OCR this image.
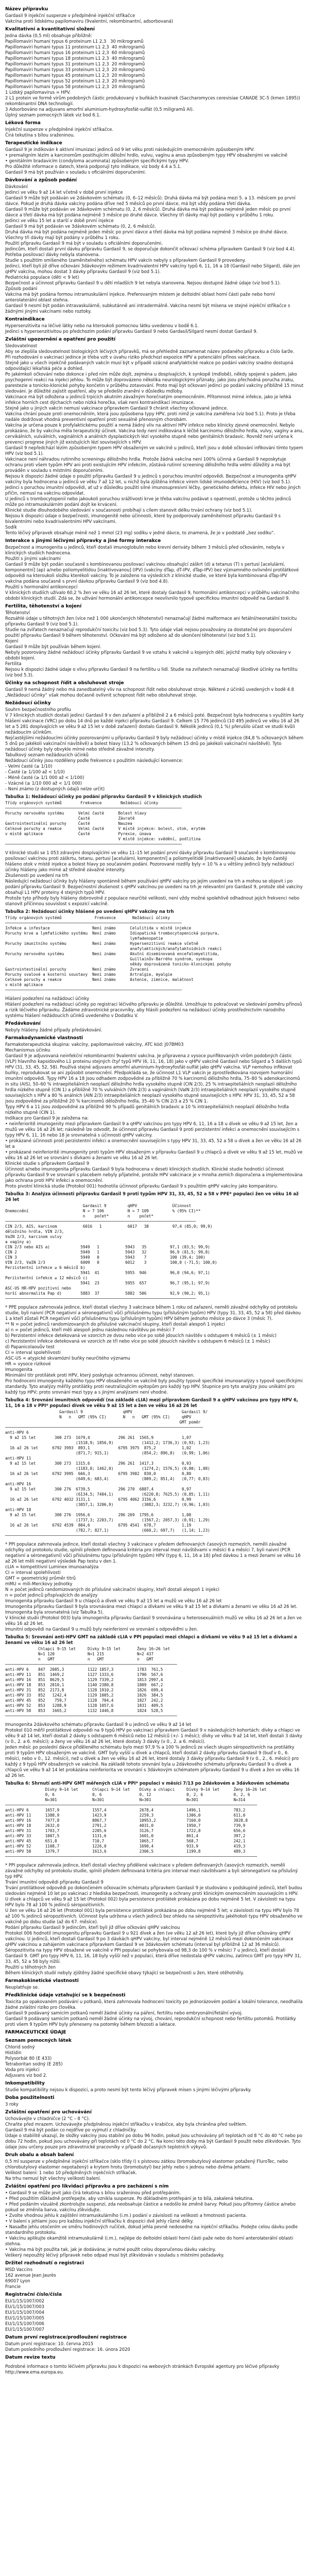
Název přípravku

Gardasil 9 injekční suspenze v předplněné injekční stříkačce

Vakcína proti lidskému papilomaviru (9valentní, rekombinantní, adsorbovaná)

Kvalitativní a kvantitativní složení

Jedna dávka (0,5 ml) obsahuje přibližně:

Papillomaviri humani typus 6 proteinum L1 2,3   30 mikrogramů

Papillomaviri humani typus 11 proteinum L1 2,3  40 mikrogramů

Papillomaviri humani typus 16 proteinum L1 2,3  60 mikrogramů

Papillomaviri humani typus 18 proteinum L1 2,3  40 mikrogramů

Papillomaviri humani typus 31 proteinum L1 2,3  20 mikrogramů

Papillomaviri humani typus 33 proteinum L1 2,3  20 mikrogramů

Papillomaviri humani typus 45 proteinum L1 2,3  20 mikrogramů

Papillomaviri humani typus 52 proteinum L1 2,3  20 mikrogramů

Papillomaviri humani typus 58 proteinum L1 2,3  20 mikrogramů

1 Lidský papilomavirus = HPV.

2 L1 protein ve formě virům podobných částic produkovaný v buňkách kvasinek (Saccharomyces cerevisiae CANADE 3C-5 (kmen 1895)) rekombinantní DNA technologií.

3 Adsorbováno na adjuvans amorfní aluminium-hydroxyfosfát-sulfát (0,5 miligramů Al).

Úplný seznam pomocných látek viz bod 6.1.

Léková forma

Injekční suspenze v předplněné injekční stříkačce.

Čirá tekutina s bílou sraženinou.

Terapeutické indikace

Gardasil 9 je indikován k aktivní imunizaci jedinců od 9 let věku proti následujícím onemocněním způsobeným HPV:

• premaligním lézím a karcinomům postihujícím děložní hrdlo, vulvu, vagínu a anus způsobeným typy HPV obsaženými ve vakcíně

• genitálním bradavicím (condyloma acuminata) způsobeným specifickými typy HPV.

Pro důležité informace o datech, která podporují tyto indikace, viz body 4.4 a 5.1.

Gardasil 9 má být používán v souladu s oficiálními doporučeními.

Dávkování a způsob podání

Dávkování

Jedinci ve věku 9 až 14 let včetně v době první injekce

Gardasil 9 může být podáván ve 2dávkovém schématu (0, 6–12 měsíců). Druhá dávka má být podána mezi 5. a 13. měsícem po první dávce. Pokud je druhá dávka vakcíny podána dříve než 5 měsíců po první dávce, má být vždy podána třetí dávka.

Gardasil 9 může být podáván ve 3dávkovém schématu (0, 2, 6 měsíců). Druhá dávka má být podána nejméně jeden měsíc po první dávce a třetí dávka má být podána nejméně 3 měsíce po druhé dávce. Všechny tři dávky mají být podány v průběhu 1 roku.

Jedinci ve věku 15 let a starší v době první injekce

Gardasil 9 má být podáván ve 3dávkovém schématu (0, 2, 6 měsíců).

Druhá dávka má být podána nejméně jeden měsíc po první dávce a třetí dávka má být podána nejméně 3 měsíce po druhé dávce. Všechny tři dávky mají být podány v průběhu 1 roku.

Použití přípravku Gardasil 9 má být v souladu s oficiálními doporučeními.

Jedincům, kteří dostali první dávku přípravku Gardasil 9, se doporučuje dokončit očkovací schéma přípravkem Gardasil 9 (viz bod 4.4).

Potřeba posilovací dávky nebyla stanovena.

Studie s použitím smíšeného (zaměnitelného) schématu HPV vakcín nebyly s přípravkem Gardasil 9 provedeny.

Jedinci, kteří byli již dříve očkováni 3dávkovým režimem kvadrivalentní HPV vakcíny typů 6, 11, 16 a 18 (Gardasil nebo Silgard), dále jen qHPV vakcína, mohou dostat 3 dávky přípravku Gardasil 9 (viz bod 5.1).

Pediatrická populace (děti < 9 let)

Bezpečnost a účinnost přípravku Gardasil 9 u dětí mladších 9 let nebyla stanovena. Nejsou dostupné žádné údaje (viz bod 5.1).

Způsob podání

Vakcína má být podána formou intramuskulární injekce. Preferovaným místem je deltoidní oblast horní části paže nebo horní anterolaterální oblast stehna.

Gardasil 9 nesmí být podán intravaskulárně, subkutánně ani intradermálně. Vakcína nesmí být mísena ve stejné injekční stříkačce s žádnými jinými vakcínami nebo roztoky.

Kontraindikace

Hypersenzitivita na léčivé látky nebo na kteroukoli pomocnou látku uvedenou v bodě 6.1.

Jedinci s hypersenzitivitou po předchozím podání přípravku Gardasil 9 nebo Gardasil/Silgard nesmí dostat Gardasil 9.

Zvláštní upozornění a opatření pro použití

Sledovatelnost

Aby se zlepšila sledovatelnost biologických léčivých přípravků, má se přehledně zaznamenat název podaného přípravku a číslo šarže.

Při rozhodování o vakcinaci jedince je třeba vzít v úvahu riziko předchozí expozice HPV a potenciální přínos vakcinace.

Stejně jako u všech injekčně podávaných vakcín musí být v případě vzácné anafylaktické reakce po podání vakcíny snadno dostupná odpovídající lékařská péče a dohled.

Po jakémkoli očkování nebo dokonce i před ním může dojít, zejména u dospívajících, k synkopě (mdlobě), někdy spojené s pádem, jako psychogenní reakci na injekci jehlou. To může být doprovázeno několika neurologickými příznaky, jako jsou přechodná porucha zraku, parestezie a tonicko-klonické pohyby končetin v průběhu zotavování. Proto mají být očkovaní jedinci po podání vakcíny přibližně 15 minut sledováni. Je důležité zajistit opatření, aby se předešlo zranění v důsledku mdloby.

Vakcinace má být odložena u jedinců trpících akutním závažným horečnatým onemocněním. Přítomnost mírné infekce, jako je lehká infekce horních cest dýchacích nebo nízká horečka, však není kontraindikací imunizace.

Stejně jako u jiných vakcín nemusí vakcinace přípravkem Gardasil 9 chránit všechny očkované jedince.

Vakcína chrání pouze proti onemocněním, která jsou způsobena typy HPV, proti nimž je vakcína zaměřena (viz bod 5.1). Proto je třeba nadále dodržovat vhodná preventivní opatření proti sexuálně přenosným chorobám.

Vakcína je určena pouze k profylaktickému použití a nemá žádný vliv na aktivní HPV infekce nebo klinicky zjevné onemocnění. Nebylo prokázáno, že by vakcína měla terapeutický účinek. Vakcína tedy není indikována k léčbě karcinomu děložního hrdla, vulvy, vagíny a anu, cervikálních, vulválních, vaginálních a análních dysplastických lézí vysokého stupně nebo genitálních bradavic. Rovněž není určena k prevenci progrese jiných již existujících lézí souvisejících s HPV.

Gardasil 9 nepředchází lézím způsobeným typem HPV obsaženým ve vakcíně u jedinců, kteří jsou v době očkování infikováni tímto typem HPV (viz bod 5.1).

Vakcinace není náhradou rutinního screeningu děložního hrdla. Protože žádná vakcína není 100% účinná a Gardasil 9 neposkytuje ochranu proti všem typům HPV ani proti existujícím HPV infekcím, zůstává rutinní screening děložního hrdla velmi důležitý a má být prováděn v souladu s místními doporučeními.

Nejsou k dispozici žádné údaje o použití přípravku Gardasil 9 u jedinců s poruchou imunitní odpovědi. Bezpečnost a imunogenita qHPV vakcíny byla hodnocena u jedinců ve věku 7 až 12 let, u nichž byla zjištěna infekce virem lidské imunodeficience (HIV) (viz bod 5.1).

Jedinci s poruchou imunitní odpovědi, ať už v důsledku použití silné imunosupresivní léčby, genetického defektu, infekce HIV nebo jiných příčin, nemusí na vakcínu odpovídat.

U jedinců s trombocytopenií nebo jakoukoli poruchou srážlivosti krve je třeba vakcínu podávat s opatrností, protože u těchto jedinců může po intramuskulárním podání dojít ke krvácení.

Klinické studie dlouhodobého sledování v současnosti probíhají s cílem stanovit délku trvání ochrany (viz bod 5.1).

Nejsou k dispozici údaje o bezpečnosti, imunogenitě nebo účinnosti, které by podporovaly zaměnitelnost přípravku Gardasil 9 s bivalentními nebo kvadrivalentními HPV vakcínami.

Sodík

Tento léčivý přípravek obsahuje méně než 1 mmol (23 mg) sodíku v jedné dávce, to znamená, že je v podstatě „bez sodíku“.

Interakce s jinými léčivými přípravky a jiné formy interakce

Bezpečnost a imunogenita u jedinců, kteří dostali imunoglobulin nebo krevní deriváty během 3 měsíců před očkováním, nebyla v klinických studiích hodnocena.

Použití s jinými vakcínami

Gardasil 9 může být podán současně s kombinovanou posilovací vakcínou obsahující záškrt (d) a tetanus (T) s pertusí [acelulární, komponentní] (ap) a/nebo poliomyelitidou [inaktivovanou] (IPV) (vakcíny dTap, dT-IPV, dTap-IPV) bez významného ovlivnění protilátkové odpovědi na kteroukoli složku kterékoli vakcíny. To je založeno na výsledcích z klinické studie, ve které byla kombinovaná dTap-IPV vakcína podána současně s první dávkou přípravku Gardasil 9 (viz bod 4.8).

Použití s hormonální antikoncepcí

V klinických studiích užívalo 60,2 % žen ve věku 16 až 26 let, které dostaly Gardasil 9, hormonální antikoncepci v průběhu vakcinačního období klinických studií. Zdá se, že užívání hormonální antikoncepce neovlivnilo typově specifickou imunitní odpověď na Gardasil 9.

Fertilita, těhotenství a kojení

Těhotenství

Rozsáhlé údaje u těhotných žen (více než 1 000 ukončených těhotenství) nenaznačují žádné malformace ani fetální/neonatální toxicitu přípravku Gardasil 9 (viz bod 5.1).

Studie na zvířatech nenaznačují reprodukční toxicitu (viz bod 5.3). Tyto údaje však nejsou považovány za dostatečné pro doporučení použití přípravku Gardasil 9 během těhotenství. Očkování má být odloženo až do ukončení těhotenství (viz bod 5.1).

Kojení

Gardasil 9 může být používán během kojení.

Nebyly pozorovány žádné nežádoucí účinky přípravku Gardasil 9 ve vztahu k vakcíně u kojených dětí, jejichž matky byly očkovány v období kojení.

Fertilita

Nejsou k dispozici žádné údaje o vlivu přípravku Gardasil 9 na fertilitu u lidí. Studie na zvířatech nenaznačují škodlivé účinky na fertilitu (viz bod 5.3).

Účinky na schopnost řídit a obsluhovat stroje

Gardasil 9 nemá žádný nebo má zanedbatelný vliv na schopnost řídit nebo obsluhovat stroje. Některé z účinků uvedených v bodě 4.8 „Nežádoucí účinky“ však mohou dočasně ovlivnit schopnost řídit nebo obsluhovat stroje.

Nežádoucí účinky

Souhrn bezpečnostního profilu

V 7 klinických studiích dostali jedinci Gardasil 9 v den zařazení a přibližně 2 a 6 měsíců poté. Bezpečnost byla hodnocena s využitím karty hlášení vakcinace (VRC) po dobu 14 dnů po každé injekci přípravku Gardasil 9. Celkem 15 776 jedinců (10 495 jedinců ve věku 16 až 26 let a 5 281 dospívajících ve věku 9 až 15 let v době zařazení) dostalo Gardasil 9. Několik jedinců (0,1 %) přerušilo účast ve studii kvůli nežádoucím účinkům.

Nejčastějšími nežádoucími účinky pozorovanými u přípravku Gardasil 9 byly nežádoucí účinky v místě injekce (84,8 % očkovaných během 5 dnů po jakékoli vakcinační návštěvě) a bolest hlavy (13,2 % očkovaných během 15 dnů po jakékoli vakcinační návštěvě). Tyto nežádoucí účinky byly obvykle mírné nebo středně závažné intenzity.

Tabulkový seznam nežádoucích účinků

Nežádoucí účinky jsou rozděleny podle frekvence s použitím následující konvence:

- Velmi časté (≥ 1/10)

- Časté (≥ 1/100 až < 1/10)

- Méně časté (≥ 1/1 000 až < 1/100)

- Vzácné (≥ 1/10 000 až < 1/1 000)

- Není známo (z dostupných údajů nelze určit)

Tabulka 1: Nežádoucí účinky po podání přípravku Gardasil 9 v klinických studiích
Třídy orgánových systémů        Frekvence        Nežádoucí účinky
───────────────────────────────────────────────────────────────────────────
Poruchy nervového systému      Velmi časté      Bolest hlavy
Časté            Závratě
Gastrointestinální poruchy     Časté            Nauzea
Celkové poruchy a reakce       Velmi časté      V místě injekce: bolest, otok, erytém
v místě aplikace               Časté            Pyrexie, únava
V místě injekce: svědění, podlitina
───────────────────────────────────────────────────────────────────────────

V klinické studii se 1 053 zdravými dospívajícími ve věku 11–15 let podání první dávky přípravku Gardasil 9 současně s kombinovanou posilovací vakcínou proti záškrtu, tetanu, pertusi [acelulární, komponentní] a poliomyelitidě [inaktivované] ukázalo, že bylo častěji hlášeno otok v místě injekce a bolest hlavy po současném podání. Pozorované rozdíly byly < 10 % a u většiny jedinců byly nežádoucí účinky hlášeny jako mírné až středně závažné intenzity.

Zkušenosti po uvedení na trh

Následující nežádoucí účinky byly hlášeny spontánně během používání qHPV vakcíny po jejím uvedení na trh a mohou se objevit i po podání přípravku Gardasil 9. Bezpečnostní zkušenost s qHPV vakcínou po uvedení na trh je relevantní pro Gardasil 9, protože obě vakcíny obsahují L1 HPV proteiny 4 stejných typů HPV.

Protože tyto příhody byly hlášeny dobrovolně z populace neurčité velikosti, není vždy možné spolehlivě odhadnout jejich frekvenci nebo stanovit příčinnou souvislost s expozicí vakcíně.

Tabulka 2: Nežádoucí účinky hlášené po uvedení qHPV vakcíny na trh
Třídy orgánových systémů              Frekvence       Nežádoucí účinky
───────────────────────────────────────────────────────────────────────────
Infekce a infestace                  Není známo      Celulitida v místě injekce
Poruchy krve a lymfatického systému  Není známo      Idiopatická trombocytopenická purpura,
lymfadenopatie
Poruchy imunitního systému           Není známo      Hypersenzitivní reakce včetně
anafylaktických/anafylaktoidních reakcí
Poruchy nervového systému            Není známo      Akutní diseminovaná encefalomyelitida,
Guillainův-Barrého syndrom, synkopa
někdy doprovázená tonicko-klonickými pohyby
Gastrointestinální poruchy           Není známo      Zvracení
Poruchy svalové a kosterní soustavy  Není známo      Artralgie, myalgie
Celkové poruchy a reakce             Není známo      Astenie, zimnice, malátnost
v místě aplikace
───────────────────────────────────────────────────────────────────────────

Hlášení podezření na nežádoucí účinky

Hlášení podezření na nežádoucí účinky po registraci léčivého přípravku je důležité. Umožňuje to pokračovat ve sledování poměru přínosů a rizik léčivého přípravku. Žádáme zdravotnické pracovníky, aby hlásili podezření na nežádoucí účinky prostřednictvím národního systému hlášení nežádoucích účinků uvedeného v Dodatku V.

Předávkování

Nebyly hlášeny žádné případy předávkování.

Farmakodynamické vlastnosti

Farmakoterapeutická skupina: vakcíny, papilomavirové vakcíny, ATC kód: J07BM03

Mechanismus účinku

Gardasil 9 je adjuvovaná neinfekční rekombinantní 9valentní vakcína. Je připravena z vysoce purifikovaných virům podobných částic (VLP) hlavního kapsidového L1 proteinu stejných čtyř typů HPV (6, 11, 16, 18) jako v qHPV vakcíně Gardasil nebo Silgard a 5 dalších typů HPV (31, 33, 45, 52, 58). Používá stejné adjuvans amorfní aluminium-hydroxyfosfát-sulfát jako qHPV vakcína. VLP nemohou infikovat buňky, reprodukovat se ani způsobit onemocnění. Předpokládá se, že účinnost L1 VLP vakcín je zprostředkována rozvojem humorální imunitní odpovědi. Typy HPV 16 a 18 jsou odhadem zodpovědné za přibližně 70 % karcinomů děložního hrdla, 75–80 % adenokarcinomů in situ (AIS), 50–60 % intraepiteliálních neoplazií děložního hrdla vysokého stupně (CIN 2/3), 25 % intraepiteliálních neoplazií děložního hrdla nízkého stupně (CIN 1) a přibližně 70 % vulválních (VIN 2/3) a vaginálních (VaIN 2/3) intraepiteliálních neoplazií vysokého stupně souvisejících s HPV a 80 % análních (AIN 2/3) intraepiteliálních neoplazií vysokého stupně souvisejících s HPV. HPV 31, 33, 45, 52 a 58 jsou zodpovědné za přibližně 20 % karcinomů děložního hrdla, 35–40 % CIN 2/3 a 25 % CIN 1.

Typy HPV 6 a 11 jsou zodpovědné za přibližně 90 % případů genitálních bradavic a 10 % intraepiteliálních neoplazií děložního hrdla nízkého stupně (CIN 1).

Indikace pro Gardasil 9 je založena na:

• neinferioritě imunogenity mezi přípravkem Gardasil 9 a qHPV vakcínou pro typy HPV 6, 11, 16 a 18 u dívek ve věku 9 až 15 let, žen a mužů ve věku 16 až 26 let; následně lze odvodit, že účinnost přípravku Gardasil 9 proti perzistentní infekci a onemocnění souvisejícím s typy HPV 6, 11, 16 nebo 18 je srovnatelná s účinností qHPV vakcíny.

• prokázané účinnosti proti perzistentní infekci a onemocnění souvisejícím s typy HPV 31, 33, 45, 52 a 58 u dívek a žen ve věku 16 až 26 let a

• prokázané neinferioritě imunogenity proti typům HPV obsaženým v přípravku Gardasil 9 u chlapců a dívek ve věku 9 až 15 let, mužů ve věku 16 až 26 let ve srovnání s dívkami a ženami ve věku 16 až 26 let.

Klinické studie s přípravkem Gardasil 9

Účinnost a/nebo imunogenita přípravku Gardasil 9 byla hodnocena v deseti klinických studiích. Klinické studie hodnotící účinnost přípravku Gardasil 9 ve srovnání s placebem nebyly přijatelné, protože HPV vakcinace je v mnoha zemích doporučena a implementována jako ochrana proti HPV infekci a onemocnění.

Proto pivotní klinická studie (Protokol 001) hodnotila účinnost přípravku Gardasil 9 s použitím qHPV vakcíny jako komparátoru.

Tabulka 3: Analýza účinnosti přípravku Gardasil 9 proti typům HPV 31, 33, 45, 52 a 58 v PPE* populaci žen ve věku 16 až 26 let
Gardasil 9         qHPV               Účinnost
Onemocnění                       N = 7 106          N = 7 109          % (95% CI)**
n    počet*        n    počet*
─────────────────────────────────────────────────────────────────────────────────
CIN 2/3, AIS, karcinom           6016   1           6017   38          97,4 (85,0; 99,9)
děložního hrdla, VIN 2/3,
VaIN 2/3, karcinom vulvy
a vagíny a)
CIN 2/3 nebo AIS a)             5949   1           5943   35          97,1 (83,5; 99,9)
CIN 2                           5949   1           5943   32          96,9 (81,5; 99,8)
CIN 3                           5949   0           5943    7          100 (39,4; 100)
VIN 2/3, VaIN 2/3               6009   0           6012    3          100,0 (-71,5; 100,0)
Perzistentní infekce ≥ 6 měsíců b)
5941  41           5955  946          96,0 (94,6; 97,1)
Perzistentní infekce ≥ 12 měsíců c)
5941  23           5955  657          96,7 (95,1; 97,9)
ASC-US HR-HPV pozitivní nebo
horší abnormalita Pap d)        5883  37           5882  506          92,9 (90,2; 95,1)
─────────────────────────────────────────────────────────────────────────────────

* PPE populace zahrnovala jedince, kteří dostali všechny 3 vakcinace během 1 roku od zařazení, neměli závažné odchylky od protokolu studie, byli naivní (PCR negativní a séronegativní) vůči příslušnému typu (příslušným typům) HPV (typy 31, 33, 45, 52 a 58) před dávkou 1 a kteří zůstali PCR negativní vůči příslušnému typu (příslušným typům) HPV během jednoho měsíce po dávce 3 (měsíc 7).

** N = počet jedinců randomizovaných do příslušné vakcinační skupiny, kteří dostali alespoň 1 injekci

a) n = počet jedinců, kteří měli alespoň jednu následnou návštěvu po měsíci 7

b) Perzistentní infekce detekovaná ve vzorcích ze dvou nebo více po sobě jdoucích návštěv s odstupem 6 měsíců (± 1 měsíc)

c) Perzistentní infekce detekovaná ve vzorcích ze tří nebo více po sobě jdoucích návštěv s odstupem 6 měsíců (± 1 měsíc)

d) Papanicolaouův test

CI = interval spolehlivosti

ASC-US = atypické skvamózní buňky neurčitého významu

HR = vysoce rizikové

Imunogenita

Minimální titr protilátek proti HPV, který poskytuje ochrannou účinnost, nebyl stanoven.

Pro hodnocení imunogenity každého typu HPV obsaženého ve vakcíně byly použity typově specifické imunoanalýzy s typově specifickými standardy. Tyto analýzy měřily protilátky proti neutralizujícím epitopům pro každý typ HPV. Stupnice pro tyto analýzy jsou unikátní pro každý typ HPV; proto srovnání mezi typy a s jinými analýzami není vhodné.

Tabulka 4: Srovnání imunitních odpovědí (na základě cLIA) mezi přípravkem Gardasil 9 a qHPV vakcínou pro typy HPV 6, 11, 16 a 18 v PPI* populaci dívek ve věku 9 až 15 let a žen ve věku 16 až 26 let
Gardasil 9                 qHPV                     Gardasil 9/
N   n   GMT (95% CI)       N   n   GMT (95% CI)     qHPV
GMT poměr
────────────────────────────────────────────────────────────────────────────────────
anti-HPV 6
9 až 15 let        300 273  1679,4            296 261  1565,9            1,07
(1518,9; 1856,9)            (1412,2; 1736,3) (0,93; 1,23)
16 až 26 let      6792 3993  893,1            6795 3975  875,2           1,02
(871,7; 915,1)              (854,2; 896,8)   (0,99; 1,06)
anti-HPV 11
9 až 15 let        300 273  1315,6            296 261  1417,3            0,93
(1183,8; 1462,0)            (1274,2; 1576,5) (0,80; 1,08)
16 až 26 let      6792 3995  666,3            6795 3982  830,0           0,80
(649,6; 683,4)              (809,2; 851,4)   (0,77; 0,83)
anti-HPV 16
9 až 15 let        300 276  6739,5            296 270  6887,4            0,97
(6134,5; 7404,1)            (6220,8; 7625,5) (0,85; 1,11)
16 až 26 let      6792 4032 3131,1            6795 4062 3156,6           0,99
(3057,1; 3206,9)            (3082,3; 3232,7) (0,96; 1,03)
anti-HPV 18
9 až 15 let        300 276  1956,6            296 269  1795,6            1,08
(1737,3; 2203,7)            (1567,2; 2057,3) (0,91; 1,29)
16 až 26 let      6792 4539  804,6            6795 4541  678,7           1,19
(782,7; 827,1)              (660,2; 697,7)   (1,14; 1,23)
────────────────────────────────────────────────────────────────────────────────────

* PPI populace zahrnovala jedince, kteří dostali všechny 3 vakcinace v předem definovaných časových rozmezích, neměli závažné odchylky od protokolu studie, splnili předem definovaná kritéria pro interval mezi návštěvami v měsíci 6 a měsíci 7, byli naivní (PCR negativní a séronegativní) vůči příslušnému typu (příslušným typům) HPV (typy 6, 11, 16 a 18) před dávkou 1 a mezi ženami ve věku 16 až 26 let měli negativní výsledek Pap testu v den 1.

cLIA = kompetitivní Luminex imunoanalýza

CI = interval spolehlivosti

GMT = geometrický průměr titrů

mMU = mili-Merckovy jednotky

N = počet jedinců randomizovaných do příslušné vakcinační skupiny, kteří dostali alespoň 1 injekci

n = počet jedinců přispívajících do analýzy

Imunogenita přípravku Gardasil 9 u chlapců a dívek ve věku 9 až 15 let a mužů ve věku 16 až 26 let

Imunogenita přípravku Gardasil 9 byla srovnávána mezi chlapci a dívkami ve věku 9 až 15 let a dívkami a ženami ve věku 16 až 26 let. Imunogenita byla srovnatelná (viz Tabulka 5).

V klinické studii (Protokol 003) byla imunogenita přípravku Gardasil 9 srovnávána u heterosexuálních mužů ve věku 16 až 26 let a žen ve věku 16 až 26 let.

Imunitní odpovědi na Gardasil 9 u mužů byly neinferiorní ve srovnání s odpověďmi u žen.

Tabulka 5: Srovnání anti-HPV GMT na základě cLIA v PPI populaci mezi chlapci a dívkami ve věku 9 až 15 let a dívkami a ženami ve věku 16 až 26 let
Chlapci 9–15 let     Dívky 9–15 let       Ženy 16–26 let
N=1 120              N=1 215              N=2 437
n   GMT              n   GMT              n   GMT
─────────────────────────────────────────────────────────────────────────
anti-HPV 6    847  2085,3          1122 1857,3          1783  761,5
anti-HPV 11   851  1469,2          1127 1333,6          1790  567,6
anti-HPV 16   851  8629,5          1129 7339,2          1813 2997,4
anti-HPV 18   853  2810,1          1140 2380,8          1809  667,2
anti-HPV 31   852  2173,8          1128 1910,2          1826  699,4
anti-HPV 33   852   1242,4         1129 1005,2          1826  384,5
anti-HPV 45   852    759,7         1128  704,4          1827  242,2
anti-HPV 52   853   1288,9         1128 1057,6          1831  409,5
anti-HPV 58   853   1665,2         1132 1446,8          1824  528,5
─────────────────────────────────────────────────────────────────────────

Imunogenita 2dávkového schématu přípravku Gardasil 9 u jedinců ve věku 9 až 14 let

Protokol 010 měřil protilátkové odpovědi na 9 typů HPV po vakcinaci přípravkem Gardasil 9 v následujících kohortách: dívky a chlapci ve věku 9 až 14 let, kteří dostali 2 dávky s odstupem 6 měsíců nebo 12 měsíců (+/- 1 měsíc); dívky ve věku 9 až 14 let, kteří dostali 3 dávky (v 0., 2. a 6. měsíci); a ženy ve věku 16 až 26 let, které dostaly 3 dávky (v 0., 2. a 6. měsíci).

Jeden měsíc po poslední dávce přiděleného schématu bylo mezi 97,9 % a 100 % jedinců ze všech skupin séropozitivních na protilátky proti 9 typům HPV obsaženým ve vakcíně. GMT byly vyšší u dívek a chlapců, kteří dostali 2 dávky přípravku Gardasil 9 (buď v 0., 6. měsíci, nebo v 0., 12. měsíci), než u dívek a žen ve věku 16 až 26 let, které dostaly 3 dávky přípravku Gardasil 9 (v 0., 2., 6. měsíci) pro každý z 9 typů HPV obsažených ve vakcíně. Na základě tohoto srovnání byla u 2dávkového schématu přípravku Gardasil 9 u dívek a chlapců ve věku 9 až 14 let prokázána neinferiorita ve srovnání s 3dávkovým schématem přípravku Gardasil 9 u dívek a žen ve věku 16 až 26 let.

Tabulka 6: Shrnutí anti-HPV GMT měřených cLIA v PPI* populaci v měsíci 7/13 po 2dávkovém a 3dávkovém schématu
Dívky 9–14 let      Chlapci 9–14 let    Dívky a chlapci     Dívky 9–14 let      Ženy 16–26 let
0, 6                0, 6                0, 12               0, 2, 6             0, 2, 6
N=301               N=301               N=301               N=301               N=314
───────────────────────────────────────────────────────────────────────────────────────────────────────────
anti-HPV 6       1657,9              1557,4              2678,4              1496,1              783,2
anti-HPV 11      1388,9              1423,9              2259,3              1306,0              611,0
anti-HPV 16      7477,8              8867,7              10953,2             7160,0              3028,8
anti-HPV 18      2632,0              2791,2              4031,0              1950,7              739,9
anti-HPV 31      1703,7              2205,6              3126,7              1722,8              656,6
anti-HPV 33      1007,5              1131,6              1601,0              861,4               397,2
anti-HPV 45      651,8               710,7               1065,7              568,7               242,1
anti-HPV 52      1108,7              1226,0              1690,4              933,9               419,3
anti-HPV 58      1379,7              1613,6              2306,5              1199,8              489,3
───────────────────────────────────────────────────────────────────────────────────────────────────────────

* PPI populace zahrnovala jedince, kteří dostali všechny přidělené vakcinace v předem definovaných časových rozmezích, neměli závažné odchylky od protokolu studie, splnili předem definovaná kritéria pro interval mezi návštěvami a byli séronegativní na příslušný typ HPV.

Trvání imunitní odpovědi přípravku Gardasil 9

Trvání protilátkové odpovědi po dokončeném očkovacím schématu přípravkem Gardasil 9 je studováno v podskupině jedinců, kteří budou sledováni nejméně 10 let po vakcinaci z hlediska bezpečnosti, imunogenity a ochrany proti klinickým onemocněním souvisejícím s HPV.

U dívek a chlapců ve věku 9 až 15 let (Protokol 002) byla persistence protilátek prokázána po dobu nejméně 5 let. V závislosti na typu HPV bylo 78 až 100 % jedinců séropozitivních.

U žen ve věku 16 až 26 let (Protokol 001) byla persistence protilátek prokázána po dobu nejméně 5 let; v závislosti na typu HPV bylo 78 až 100 % jedinců séropozitivních. Účinnost byla udržena u všech jedinců bez ohledu na séropozitivitu jakéhokoli typu HPV obsaženého ve vakcíně po dobu studie (až do 67. měsíce).

Podání přípravku Gardasil 9 jedincům, kteří byli již dříve očkováni qHPV vakcínou

Protokol 006 hodnotil imunogenitu přípravku Gardasil 9 u 921 dívek a žen (ve věku 12 až 26 let), které byly již dříve očkovány qHPV vakcínou. U jedinců, kteří dostali Gardasil 9 po 3 dávkách qHPV vakcíny, byl interval nejméně 12 měsíců mezi dokončením vakcinace qHPV vakcínou a zahájením vakcinace přípravkem Gardasil 9 ve 3dávkovém schématu (interval byl přibližně 12 až 36 měsíců).

Séropozitivita na typy HPV obsažené ve vakcíně v PPI populaci se pohybovala od 98,3 do 100 % v měsíci 7 u jedinců, kteří dostali Gardasil 9. GMT pro typy HPV 6, 11, 16, 18 byly vyšší než v populaci, která dříve nedostala qHPV vakcínu, zatímco GMT pro typy HPV 31, 33, 45, 52 a 58 byly nižší.

Použití u těhotných žen

Během klinických studií nebyly zjištěny žádné specifické obavy týkající se bezpečnosti u žen, které otěhotněly.

Farmakokinetické vlastnosti

Neuplatňuje se.

Předklinické údaje vztahující se k bezpečnosti

Toxicita po opakovaném podávání u potkanů, která zahrnovala hodnocení toxicity po jednorázovém podání a lokální tolerance, neodhalila žádné zvláštní riziko pro člověka.

Gardasil 9 podávaný samicím potkanů neměl žádné účinky na páření, fertilitu nebo embryonální/fetální vývoj.

Gardasil 9 podávaný samicím potkanů neměl žádné účinky na vývoj, chování, reprodukční schopnost nebo fertilitu potomků. Protilátky proti všem 9 typům HPV byly přeneseny na potomky během březosti a laktace.

FARMACEUTICKÉ ÚDAJE
Seznam pomocných látek

Chlorid sodný

Histidin

Polysorbát 80 (E 433)

Tetraboritan sodný (E 285)

Voda pro injekci

Adjuvans viz bod 2.

Inkompatibility

Studie kompatibility nejsou k dispozici, a proto nesmí být tento léčivý přípravek mísen s jinými léčivými přípravky.

Doba použitelnosti

3 roky

Zvláštní opatření pro uchovávání

Uchovávejte v chladničce (2 °C – 8 °C).

Chraňte před mrazem. Uchovávejte předplněnou injekční stříkačku v krabičce, aby byla chráněna před světlem.

Gardasil 9 má být podán co nejdříve po vyjmutí z chladničky.

Údaje o stabilitě ukazují, že složky vakcíny jsou stabilní po dobu 96 hodin, pokud jsou uchovávány při teplotách od 8 °C do 40 °C nebo po dobu 72 hodin, pokud jsou uchovávány při teplotách od 0 °C do 2 °C. Na konci této doby má být Gardasil 9 použit nebo zlikvidován. Tyto údaje jsou určeny pouze pro zdravotnické pracovníky v případě dočasných teplotních výkyvů.

Druh obalu a obsah balení

0,5 ml suspenze v předplněné injekční stříkačce (sklo třídy I) s pístovou zátkou (bromobutylový elastomer potažený FluroTec, nebo chlorobutylový elastomer nepotažený) a krytem hrotu (bromobutyl) bez jehly nebo s jednou nebo dvěma jehlami.

Velikost balení: 1 nebo 10 předplněných injekčních stříkaček.

Na trhu nemusí být všechny velikosti balení.

Zvláštní opatření pro likvidaci přípravku a pro zacházení s ním

• Gardasil 9 se může jevit jako čirá tekutina s bílou sraženinou před protřepáním.

• Před použitím důkladně protřepejte, aby vznikla suspenze. Po důkladném protřepání je to bílá, zakalená tekutina.

• Před podáním vizuálně zkontrolujte suspenzi, zda neobsahuje částice a nedošlo ke změně barvy. Pokud jsou přítomny částice a/nebo pokud se změnila barva, vakcínu zlikvidujte.

• Zvolte vhodnou jehlu k zajištění intramuskulárního (i.m.) podání v závislosti na velikosti a hmotnosti pacienta.

• V balení s jehlami jsou pro každou injekční stříkačku k dispozici dvě jehly různé délky.

• Nasaďte jehlu otočením ve směru hodinových ručiček, dokud jehla pevně nedosedne na injekční stříkačku. Podejte celou dávku podle standardního protokolu.

• Vakcínu aplikujte okamžitě intramuskulárně (i.m.), nejlépe do deltoidní oblasti horní části paže nebo do horní anterolaterální oblasti stehna.

• Vakcína má být použita tak, jak je dodávána; je nutné použít celou doporučenou dávku vakcíny.

Veškerý nepoužitý léčivý přípravek nebo odpad musí být zlikvidován v souladu s místními požadavky.

Držitel rozhodnutí o registraci

MSD Vaccins

162 avenue Jean Jaurès

69007 Lyon

Francie

Registrační číslo/čísla

EU/1/15/1007/002

EU/1/15/1007/003

EU/1/15/1007/004

EU/1/15/1007/005

EU/1/15/1007/006

EU/1/15/1007/007

Datum první registrace/prodloužení registrace

Datum první registrace: 10. června 2015

Datum posledního prodloužení registrace: 16. února 2020

Datum revize textu

Podrobné informace o tomto léčivém přípravku jsou k dispozici na webových stránkách Evropské agentury pro léčivé přípravky http://www.ema.europa.eu.
